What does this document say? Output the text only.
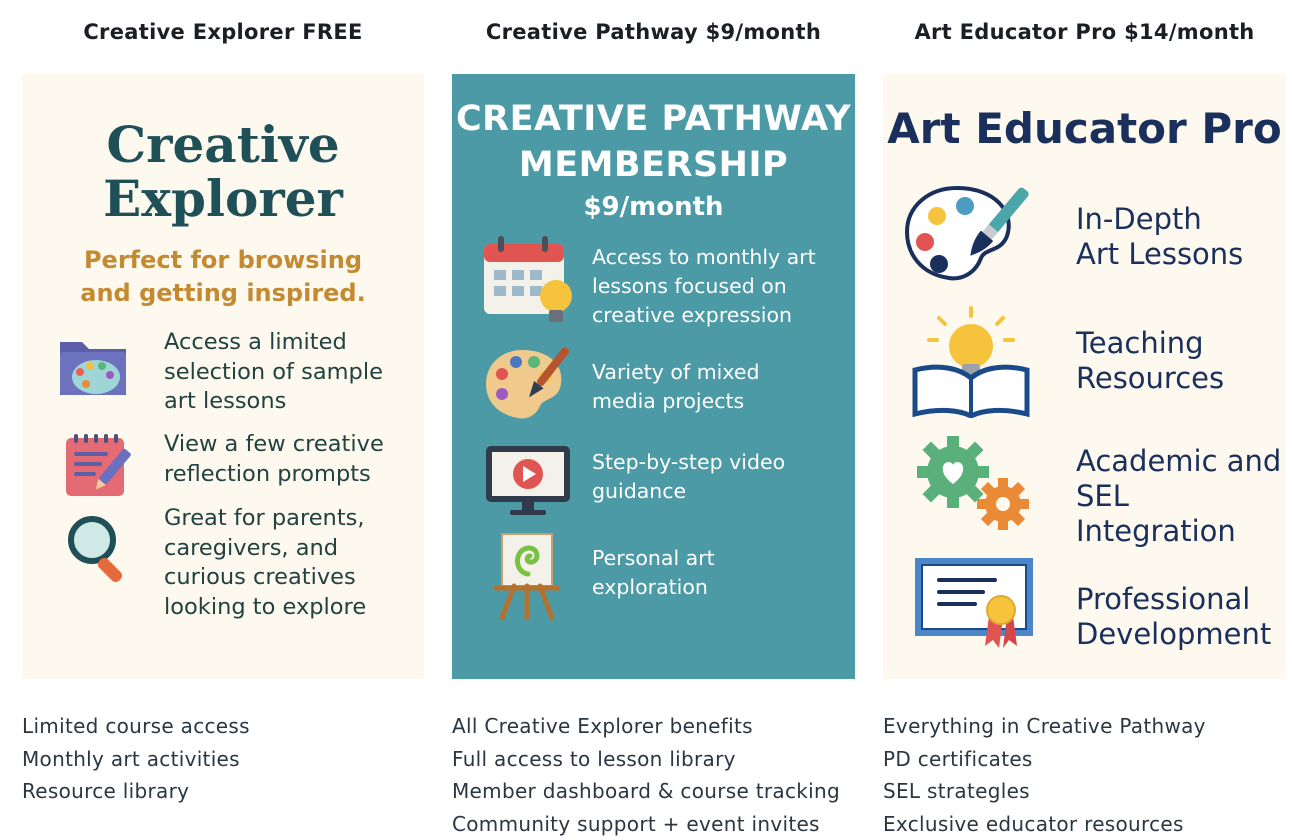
Creative Explorer FREE
Creative
Explorer
Perfect for browsing
and getting inspired.
Access a limited
selection of sample
art lessons
View a few creative
reflection prompts
Great for parents,
caregivers, and
curious creatives
looking to explore
Limited course access
Monthly art activities
Resource library
Creative Pathway $9/month
CREATIVE PATHWAY
MEMBERSHIP
$9/month
Access to monthly art
lessons focused on
creative expression
Variety of mixed
media projects
Step-by-step video
guidance
Personal art
exploration
All Creative Explorer benefits
Full access to lesson library
Member dashboard & course tracking
Community support + event invites
Art Educator Pro $14/month
Art Educator Pro
In-Depth
Art Lessons
Teaching
Resources
Academic and
SEL
Integration
Professional
Development
Everything in Creative Pathway
PD certificates
SEL strategles
Exclusive educator resources
